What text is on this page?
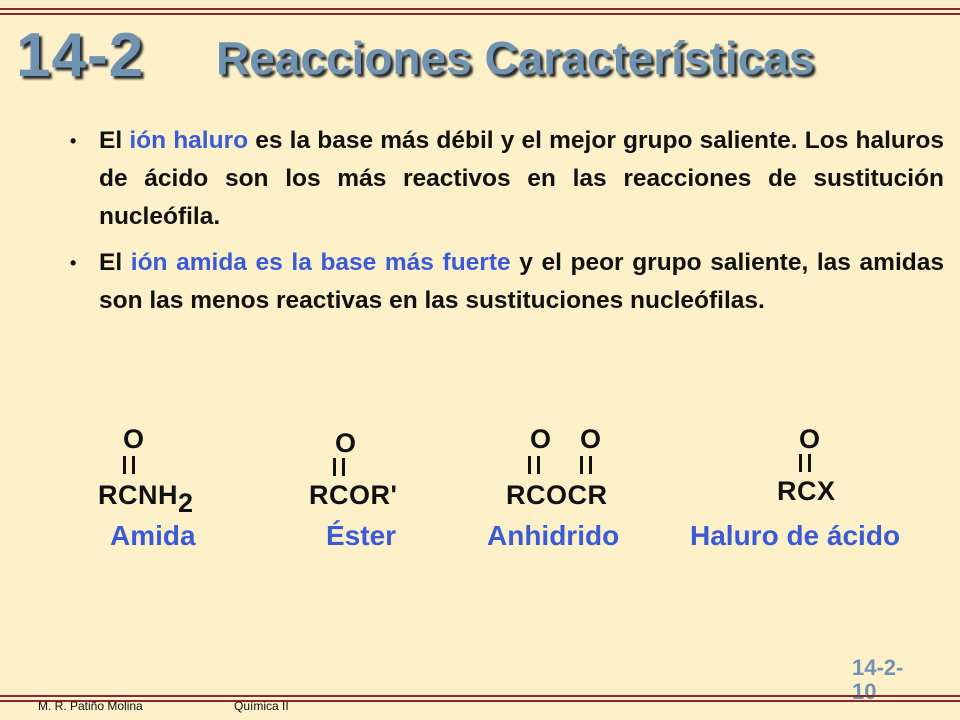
14-2 Reacciones Características
• El ión haluro es la base más débil y el mejor grupo saliente. Los haluros de ácido son los más reactivos en las reacciones de sustitución nucleófila.
• El ión amida es la base más fuerte y el peor grupo saliente, las amidas son las menos reactivas en las sustituciones nucleófilas.
O
RCNH2
Amida
O
RCOR'
Éster
O O
RCOCR
Anhidrido
O
RCX
Haluro de ácido
14-2-10
M. R. Patiño Molina	Química II
